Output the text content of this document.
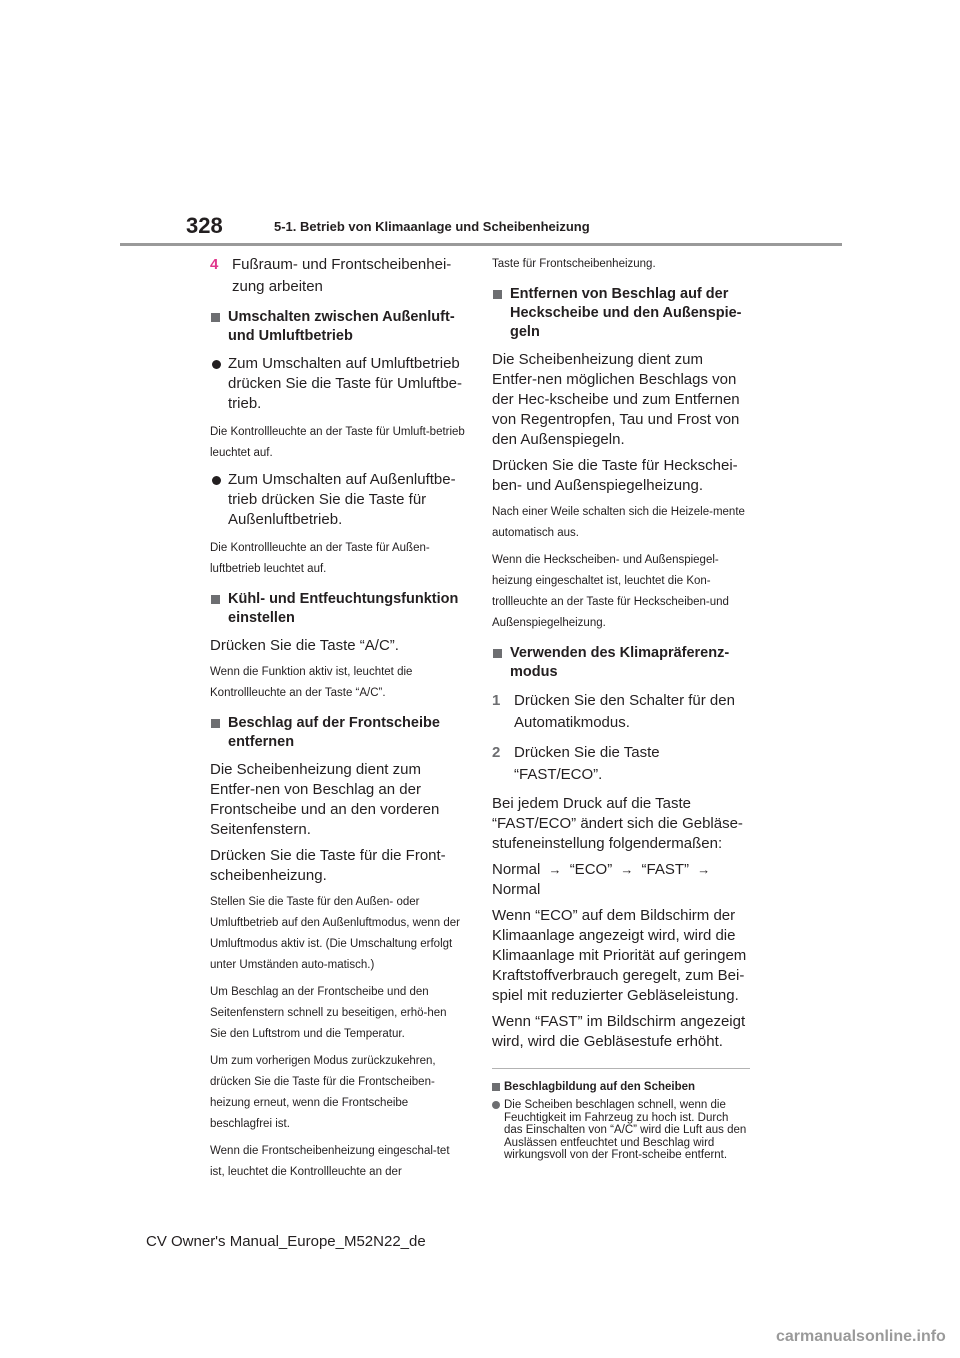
328	5-1. Betrieb von Klimaanlage und Scheibenheizung
4 Fußraum- und Frontscheibenhei-zung arbeiten
Umschalten zwischen Außenluft- und Umluftbetrieb
Zum Umschalten auf Umluftbetrieb drücken Sie die Taste für Umluftbe-trieb.
Die Kontrollleuchte an der Taste für Umluft-betrieb leuchtet auf.
Zum Umschalten auf Außenluftbe-trieb drücken Sie die Taste für Außenluftbetrieb.
Die Kontrollleuchte an der Taste für Außen-luftbetrieb leuchtet auf.
Kühl- und Entfeuchtungsfunktion einstellen
Drücken Sie die Taste “A/C”.
Wenn die Funktion aktiv ist, leuchtet die Kontrollleuchte an der Taste “A/C”.
Beschlag auf der Frontscheibe entfernen
Die Scheibenheizung dient zum Entfer-nen von Beschlag an der Frontscheibe und an den vorderen Seitenfenstern.
Drücken Sie die Taste für die Front-scheibenheizung.
Stellen Sie die Taste für den Außen- oder Umluftbetrieb auf den Außenluftmodus, wenn der Umluftmodus aktiv ist. (Die Umschaltung erfolgt unter Umständen auto-matisch.)
Um Beschlag an der Frontscheibe und den Seitenfenstern schnell zu beseitigen, erhö-hen Sie den Luftstrom und die Temperatur.
Um zum vorherigen Modus zurückzukehren, drücken Sie die Taste für die Frontscheiben-heizung erneut, wenn die Frontscheibe beschlagfrei ist.
Wenn die Frontscheibenheizung eingeschal-tet ist, leuchtet die Kontrollleuchte an der
Taste für Frontscheibenheizung.
Entfernen von Beschlag auf der Heckscheibe und den Außenspie-geln
Die Scheibenheizung dient zum Entfer-nen möglichen Beschlags von der Hec-kscheibe und zum Entfernen von Regentropfen, Tau und Frost von den Außenspiegeln.
Drücken Sie die Taste für Heckschei-ben- und Außenspiegelheizung.
Nach einer Weile schalten sich die Heizele-mente automatisch aus.
Wenn die Heckscheiben- und Außenspiegel-heizung eingeschaltet ist, leuchtet die Kon-trollleuchte an der Taste für Heckscheiben-und Außenspiegelheizung.
Verwenden des Klimapräferenz-modus
1 Drücken Sie den Schalter für den Automatikmodus.
2 Drücken Sie die Taste “FAST/ECO”.
Bei jedem Druck auf die Taste “FAST/ECO” ändert sich die Gebläse-stufeneinstellung folgendermaßen:
Normal → “ECO” → “FAST” → Normal
Wenn “ECO” auf dem Bildschirm der Klimaanlage angezeigt wird, wird die Klimaanlage mit Priorität auf geringem Kraftstoffverbrauch geregelt, zum Bei-spiel mit reduzierter Gebläseleistung.
Wenn “FAST” im Bildschirm angezeigt wird, wird die Gebläsestufe erhöht.
Beschlagbildung auf den Scheiben
Die Scheiben beschlagen schnell, wenn die Feuchtigkeit im Fahrzeug zu hoch ist. Durch das Einschalten von “A/C” wird die Luft aus den Auslässen entfeuchtet und Beschlag wird wirkungsvoll von der Front-scheibe entfernt.
CV Owner's Manual_Europe_M52N22_de
carmanualsonline.info
